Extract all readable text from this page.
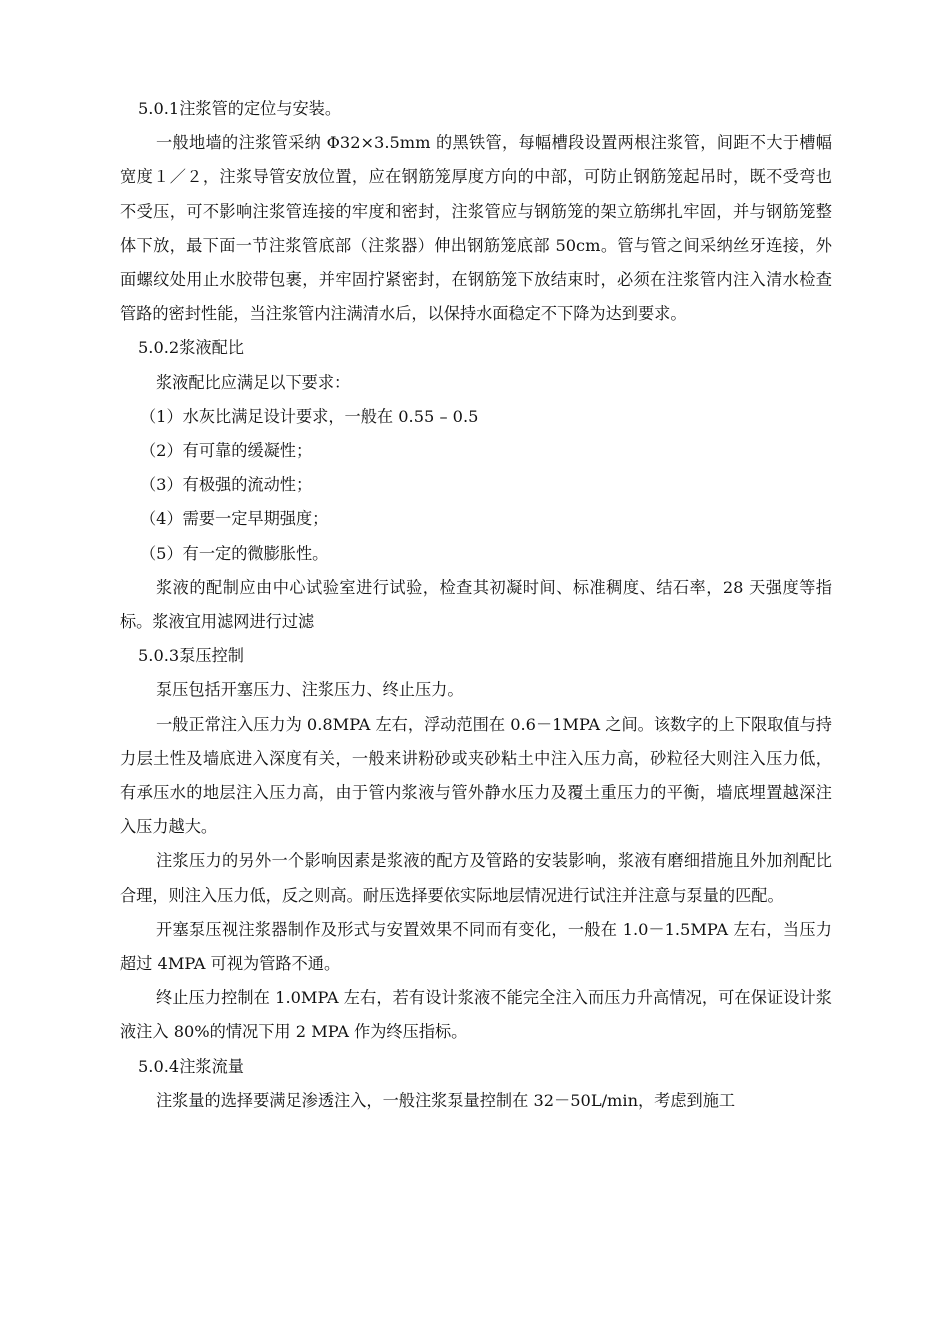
5.0.1注浆管的定位与安装。

一般地墙的注浆管采纳 Φ32×3.5mm 的黑铁管，每幅槽段设置两根注浆管，间距不大于槽幅宽度１／２，注浆导管安放位置，应在钢筋笼厚度方向的中部，可防止钢筋笼起吊时，既不受弯也不受压，可不影响注浆管连接的牢度和密封，注浆管应与钢筋笼的架立筋绑扎牢固，并与钢筋笼整体下放，最下面一节注浆管底部（注浆器）伸出钢筋笼底部 50cm。管与管之间采纳丝牙连接，外面螺纹处用止水胶带包裹，并牢固拧紧密封，在钢筋笼下放结束时，必须在注浆管内注入清水检查管路的密封性能，当注浆管内注满清水后，以保持水面稳定不下降为达到要求。

5.0.2浆液配比

浆液配比应满足以下要求：

（1）水灰比满足设计要求，一般在 0.55 – 0.5

（2）有可靠的缓凝性；

（3）有极强的流动性；

（4）需要一定早期强度；

（5）有一定的微膨胀性。

浆液的配制应由中心试验室进行试验，检查其初凝时间、标准稠度、结石率，28 天强度等指标。浆液宜用滤网进行过滤

5.0.3泵压控制

泵压包括开塞压力、注浆压力、终止压力。

一般正常注入压力为 0.8MPA 左右，浮动范围在 0.6－1MPA 之间。该数字的上下限取值与持力层土性及墙底进入深度有关，一般来讲粉砂或夹砂粘土中注入压力高，砂粒径大则注入压力低，有承压水的地层注入压力高，由于管内浆液与管外静水压力及覆土重压力的平衡，墙底埋置越深注入压力越大。

注浆压力的另外一个影响因素是浆液的配方及管路的安装影响，浆液有磨细措施且外加剂配比合理，则注入压力低，反之则高。耐压选择要依实际地层情况进行试注并注意与泵量的匹配。

开塞泵压视注浆器制作及形式与安置效果不同而有变化，一般在 1.0－1.5MPA 左右，当压力超过 4MPA 可视为管路不通。

终止压力控制在 1.0MPA 左右，若有设计浆液不能完全注入而压力升高情况，可在保证设计浆液注入 80%的情况下用 2 MPA 作为终压指标。

5.0.4注浆流量

注浆量的选择要满足渗透注入，一般注浆泵量控制在 32－50L/min，考虑到施工
